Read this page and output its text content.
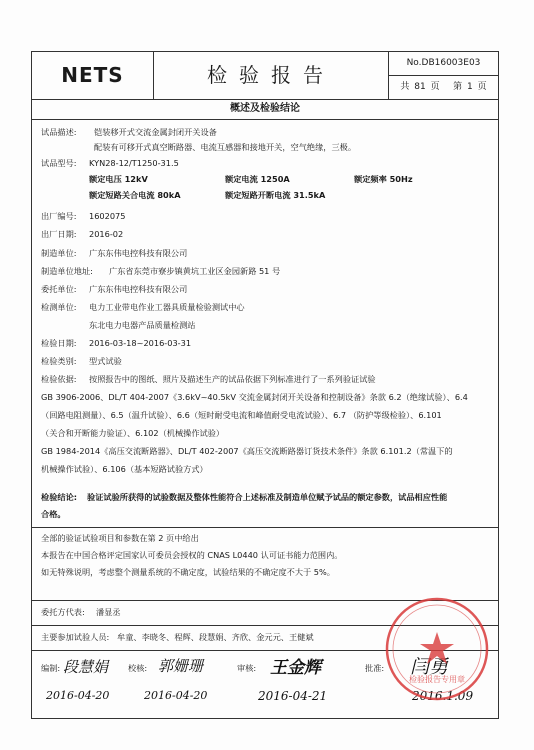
NETS	检验报告	No.DB16003E03
共 81 页 第 1 页
概述及检验结论
试品描述: 铠装移开式交流金属封闭开关设备
配装有可移开式真空断路器、电流互感器和接地开关，空气绝缘，三极。
试品型号: KYN28-12/T1250-31.5
额定电压 12kV	额定电流 1250A	额定频率 50Hz
额定短路关合电流 80kA	额定短路开断电流 31.5kA
出厂编号: 1602075
出厂日期: 2016-02
制造单位: 广东东伟电控科技有限公司
制造单位地址: 广东省东莞市寮步镇黄坑工业区金园新路 51 号
委托单位: 广东东伟电控科技有限公司
检测单位: 电力工业带电作业工器具质量检验测试中心
东北电力电器产品质量检测站
检验日期: 2016-03-18~2016-03-31
检验类别: 型式试验
检验依据: 按照报告中的图纸、照片及描述生产的试品依据下列标准进行了一系列验证试验
GB 3906-2006、DL/T 404-2007《3.6kV~40.5kV 交流金属封闭开关设备和控制设备》条款 6.2（绝缘试验）、6.4
（回路电阻测量）、6.5（温升试验）、6.6（短时耐受电流和峰值耐受电流试验）、6.7 （防护等级检验）、6.101
（关合和开断能力验证）、6.102（机械操作试验）
GB 1984-2014《高压交流断路器》、DL/T 402-2007《高压交流断路器订货技术条件》条款 6.101.2（常温下的
机械操作试验）、6.106（基本短路试验方式）
检验结论: 验证试验所获得的试验数据及整体性能符合上述标准及制造单位赋予试品的额定参数，试品相应性能
合格。
全部的验证试验项目和参数在第 2 页中给出
本报告在中国合格评定国家认可委员会授权的 CNAS L0440 认可证书能力范围内。
如无特殊说明，考虑整个测量系统的不确定度，试验结果的不确定度不大于 5%。
委托方代表: 潘显丞
主要参加试验人员: 牟童、李晓冬、程辉、段慧娟、齐欣、金元元、王健斌
编制: 段慧娟
2016-04-20
校核: 郭姗珊
2016-04-20
审核: 王金辉
2016-04-21
批准: 闫勇
2016.1.09
检验报告专用章
